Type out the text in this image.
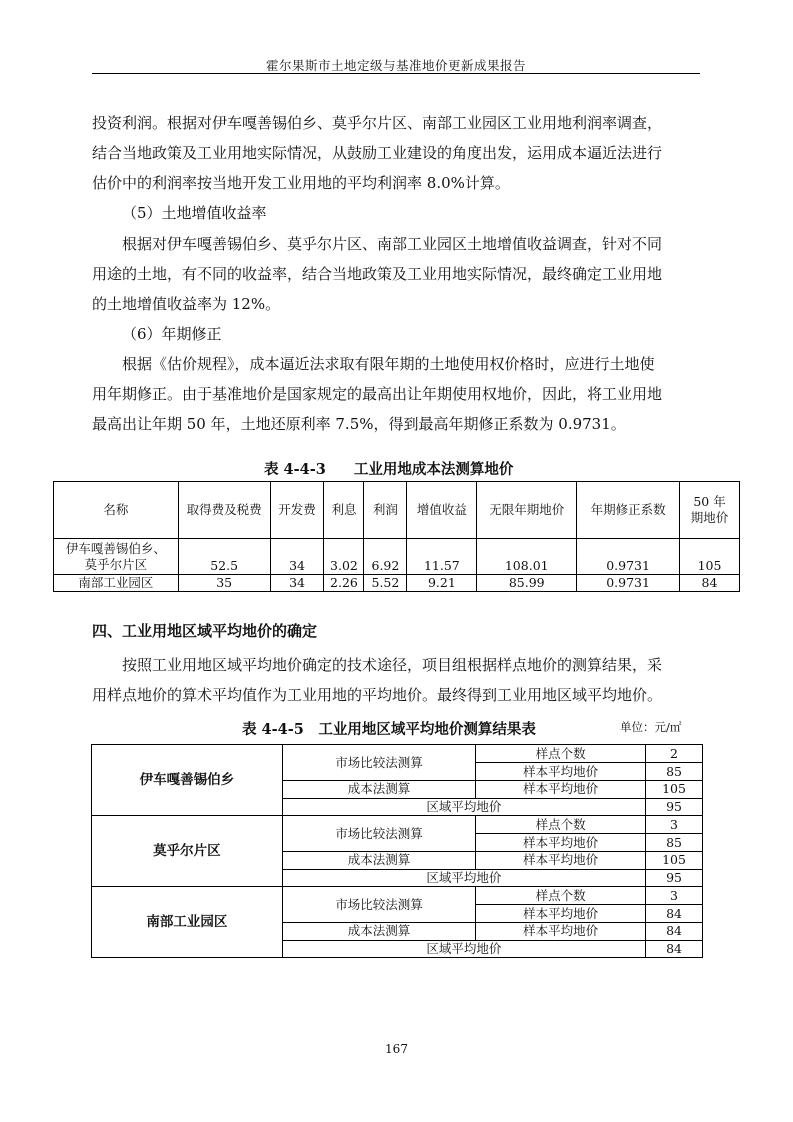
霍尔果斯市土地定级与基准地价更新成果报告
投资利润。根据对伊车嘎善锡伯乡、莫乎尔片区、南部工业园区工业用地利润率调查，
结合当地政策及工业用地实际情况，从鼓励工业建设的角度出发，运用成本逼近法进行
估价中的利润率按当地开发工业用地的平均利润率 8.0%计算。
（5）土地增值收益率
根据对伊车嘎善锡伯乡、莫乎尔片区、南部工业园区土地增值收益调查，针对不同
用途的土地，有不同的收益率，结合当地政策及工业用地实际情况，最终确定工业用地
的土地增值收益率为 12%。
（6）年期修正
根据《估价规程》，成本逼近法求取有限年期的土地使用权价格时，应进行土地使
用年期修正。由于基准地价是国家规定的最高出让年期使用权地价，因此，将工业用地
最高出让年期 50 年，土地还原利率 7.5%，得到最高年期修正系数为 0.9731。
表 4-4-3 工业用地成本法测算地价
名称	取得费及税费	开发费	利息	利润	增值收益	无限年期地价	年期修正系数	50 年期地价

伊车嘎善锡伯乡、
莫乎尔片区	52.5	34	3.02	6.92	11.57	108.01	0.9731	105
南部工业园区	35	34	2.26	5.52	9.21	85.99	0.9731	84
四、工业用地区域平均地价的确定
按照工业用地区域平均地价确定的技术途径，项目组根据样点地价的测算结果，采
用样点地价的算术平均值作为工业用地的平均地价。最终得到工业用地区域平均地价。
表 4-4-5　工业用地区域平均地价测算结果表	单位：元/㎡
伊车嘎善锡伯乡	市场比较法测算	样点个数	2
		样本平均地价	85
	成本法测算	样本平均地价	105
	区域平均地价		95
莫乎尔片区	市场比较法测算	样点个数	3
		样本平均地价	85
	成本法测算	样本平均地价	105
	区域平均地价		95
南部工业园区	市场比较法测算	样点个数	3
		样本平均地价	84
	成本法测算	样本平均地价	84
	区域平均地价		84
167
